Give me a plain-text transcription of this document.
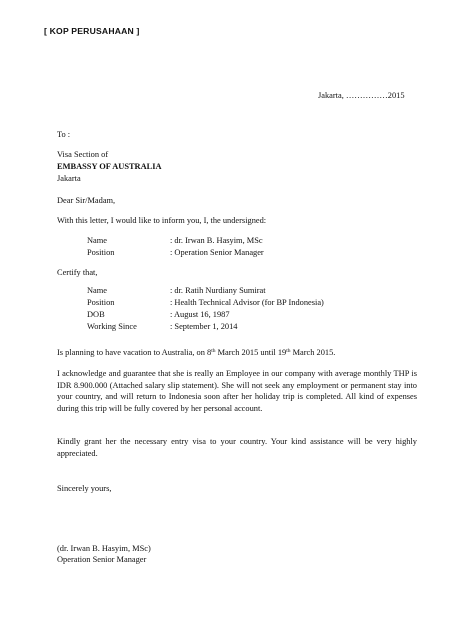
[ KOP PERUSAHAAN ]
Jakarta, ……………2015
To :
Visa Section of
EMBASSY OF AUSTRALIA
Jakarta
Dear Sir/Madam,
With this letter, I would like to inform you, I, the undersigned:
Name	: dr. Irwan B. Hasyim, MSc
Position	: Operation Senior Manager
Certify that,
Name	: dr. Ratih Nurdiany Sumirat
Position	: Health Technical Advisor (for BP Indonesia)
DOB	: August 16, 1987
Working Since	: September 1, 2014
Is planning to have vacation to Australia, on 8th March 2015 until 19th March 2015.
I acknowledge and guarantee that she is really an Employee in our company with average monthly THP is IDR 8.900.000 (Attached salary slip statement). She will not seek any employment or permanent stay into your country, and will return to Indonesia soon after her holiday trip is completed. All kind of expenses during this trip will be fully covered by her personal account.
Kindly grant her the necessary entry visa to your country. Your kind assistance will be very highly appreciated.
Sincerely yours,
(dr. Irwan B. Hasyim, MSc)
Operation Senior Manager
